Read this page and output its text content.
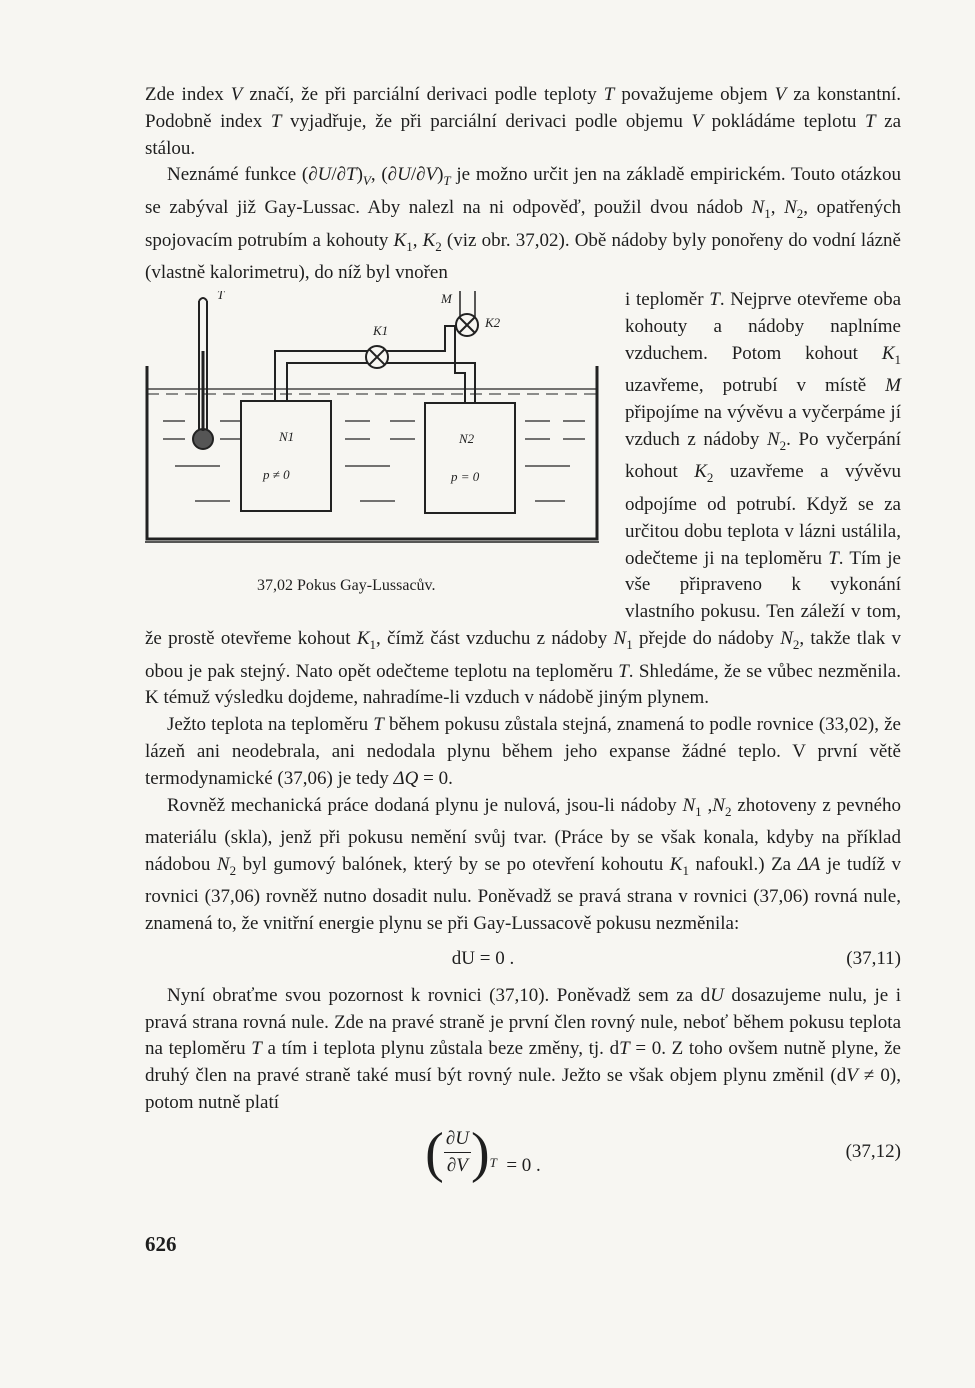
Zde index V značí, že při parciální derivaci podle teploty T považujeme objem V za konstantní. Podobně index T vyjadřuje, že při parciální derivaci podle objemu V pokládáme teplotu T za stálou.

Neznámé funkce $(\partial U/\partial T)_V$, $(\partial U/\partial V)_T$ je možno určit jen na základě empirickém. Touto otázkou se zabýval již Gay-Lussac. Aby nalezl na ni odpověď, použil dvou nádob $N_1$, $N_2$, opatřených spojovacím potrubím a kohouty $K_1$, $K_2$ (viz obr. 37,02). Obě nádoby byly ponořeny do vodní lázně (vlastně kalorimetru), do níž byl vnořen

T	M
K1
K2
N1	N2
p ≠ 0	p = 0
37,02 Pokus Gay-Lussacův.

i teploměr T. Nejprve otevřeme oba kohouty a nádoby naplníme vzduchem. Potom kohout $K_1$ uzavřeme, potrubí v místě M připojíme na vývěvu a vyčerpáme jí vzduch z nádoby $N_2$. Po vyčerpání kohout $K_2$ uzavřeme a vývěvu odpojíme od potrubí. Když se za určitou dobu teplota v lázni ustálila, odečteme ji na teploměru T. Tím je vše připraveno k vykonání vlastního pokusu. Ten záleží v tom, že prostě otevřeme kohout $K_1$, čímž část vzduchu z nádoby $N_1$ přejde do nádoby $N_2$, takže tlak v obou je pak stejný. Nato opět odečteme teplotu na teploměru T. Shledáme, že se vůbec nezměnila. K témuž výsledku dojdeme, nahradíme-li vzduch v nádobě jiným plynem.

Ježto teplota na teploměru T během pokusu zůstala stejná, znamená to podle rovnice (33,02), že lázeň ani neodebrala, ani nedodala plynu během jeho expanse žádné teplo. V první větě termodynamické (37,06) je tedy ΔQ = 0.

Rovněž mechanická práce dodaná plynu je nulová, jsou-li nádoby $N_1$ $,N_2$ zhotoveny z pevného materiálu (skla), jenž při pokusu nemění svůj tvar. (Práce by se však konala, kdyby na příklad nádobou $N_2$ byl gumový balónek, který by se po otevření kohoutu $K_1$ nafoukl.) Za ΔA je tudíž v rovnici (37,06) rovněž nutno dosadit nulu. Poněvadž se pravá strana v rovnici (37,06) rovná nule, znamená to, že vnitřní energie plynu se při Gay-Lussacově pokusu nezměnila:

dU = 0 .	(37,11)

Nyní obraťme svou pozornost k rovnici (37,10). Poněvadž sem za dU dosazujeme nulu, je i pravá strana rovná nule. Zde na pravé straně je první člen rovný nule, neboť během pokusu teplota na teploměru T a tím i teplota plynu zůstala beze změny, tj. dT = 0. Z toho ovšem nutně plyne, že druhý člen na pravé straně také musí být rovný nule. Ježto se však objem plynu změnil (dV ≠ 0), potom nutně platí

( $\frac{\partial U}{\partial V}$ ) T = 0 .
(37,12)
626
